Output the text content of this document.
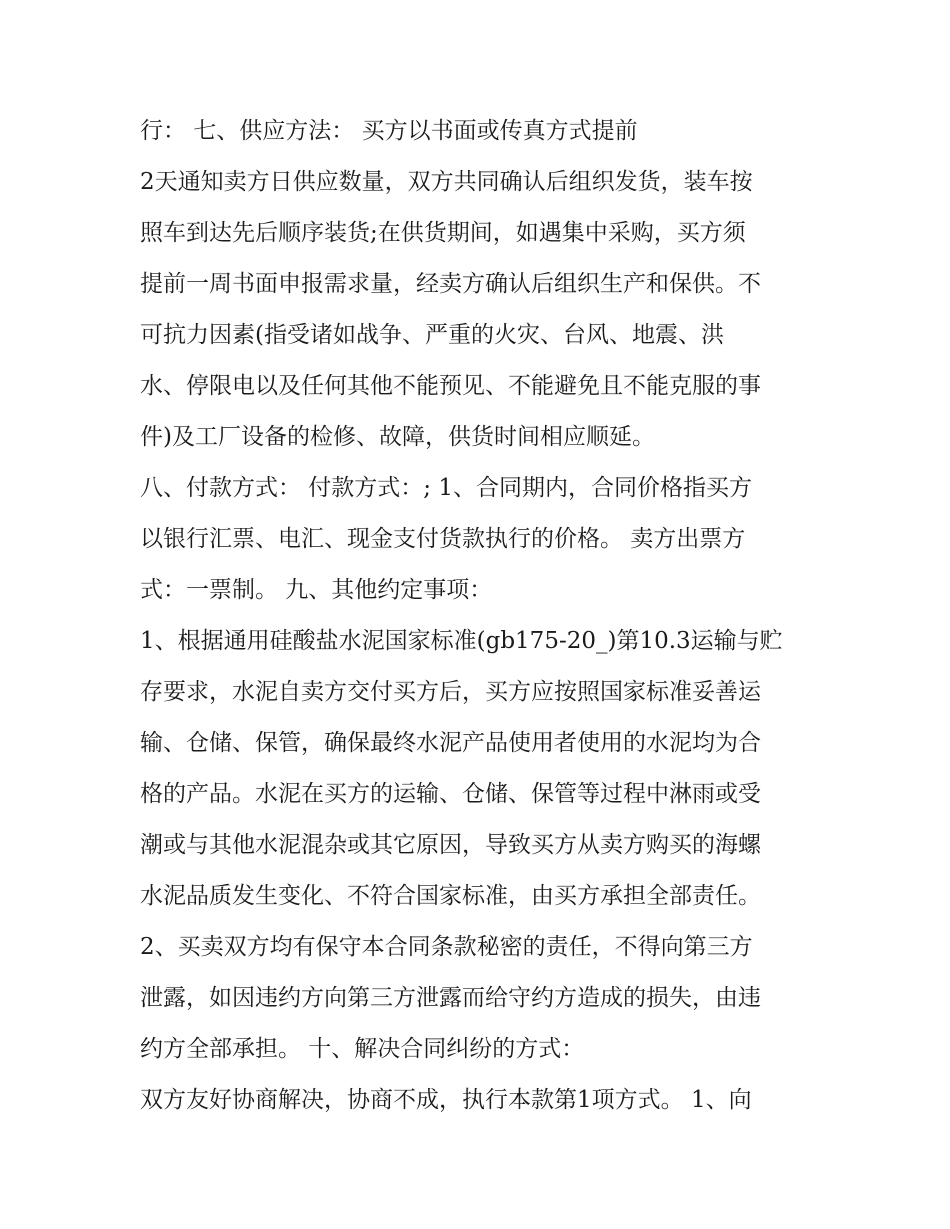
行： 七、供应方法： 买方以书面或传真方式提前
2天通知卖方日供应数量，双方共同确认后组织发货，装车按
照车到达先后顺序装货;在供货期间，如遇集中采购，买方须
提前一周书面申报需求量，经卖方确认后组织生产和保供。不
可抗力因素(指受诸如战争、严重的火灾、台风、地震、洪
水、停限电以及任何其他不能预见、不能避免且不能克服的事
件)及工厂设备的检修、故障，供货时间相应顺延。
八、付款方式： 付款方式：; 1、合同期内，合同价格指买方
以银行汇票、电汇、现金支付货款执行的价格。 卖方出票方
式：一票制。 九、其他约定事项：
1、根据通用硅酸盐水泥国家标准(gb175-20_)第10.3运输与贮
存要求，水泥自卖方交付买方后，买方应按照国家标准妥善运
输、仓储、保管，确保最终水泥产品使用者使用的水泥均为合
格的产品。水泥在买方的运输、仓储、保管等过程中淋雨或受
潮或与其他水泥混杂或其它原因，导致买方从卖方购买的海螺
水泥品质发生变化、不符合国家标准，由买方承担全部责任。
2、买卖双方均有保守本合同条款秘密的责任，不得向第三方
泄露，如因违约方向第三方泄露而给守约方造成的损失，由违
约方全部承担。 十、解决合同纠纷的方式：
双方友好协商解决，协商不成，执行本款第1项方式。 1、向
